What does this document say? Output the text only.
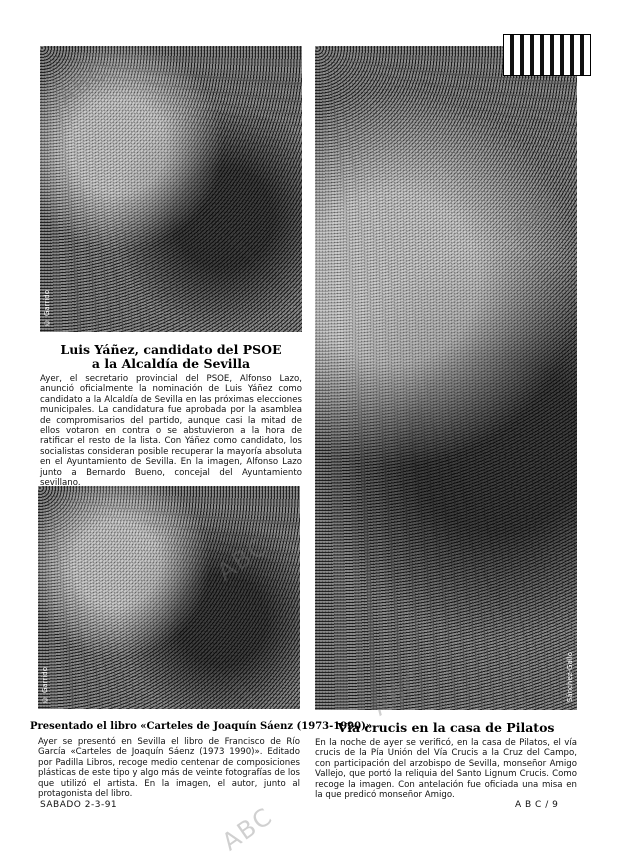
© Garrido
© Garrido	Sánchez-Gallo
Luis Yáñez, candidato del PSOE
a la Alcaldía de Sevilla

Ayer, el secretario provincial del PSOE, Alfonso Lazo, anunció oficialmente la nominación de Luis Yáñez como candidato a la Alcaldía de Sevilla en las próximas elecciones municipales. La candidatura fue aprobada por la asamblea de compromisarios del partido, aunque casi la mitad de ellos votaron en contra o se abstuvieron a la hora de ratificar el resto de la lista. Con Yáñez como candidato, los socialistas consideran posible recuperar la mayoría absoluta en el Ayuntamiento de Sevilla. En la imagen, Alfonso Lazo junto a Bernardo Bueno, concejal del Ayuntamiento sevillano.

Presentado el libro «Carteles de Joaquín Sáenz (1973-1990)»

Ayer se presentó en Sevilla el libro de Francisco de Río García «Carteles de Joaquín Sáenz (1973 1990)». Editado por Padilla Libros, recoge medio centenar de composiciones plásticas de este tipo y algo más de veinte fotografías de los que utilizó el artista. En la imagen, el autor, junto al protagonista del libro.

Vía crucis en la casa de Pilatos

En la noche de ayer se verificó, en la casa de Pilatos, el vía crucis de la Pía Unión del Vía Crucis a la Cruz del Campo, con participación del arzobispo de Sevilla, monseñor Amigo Vallejo, que portó la reliquia del Santo Lignum Crucis. Como recoge la imagen. Con antelación fue oficiada una misa en la que predicó monseñor Amigo.

SABADO 2-3-91	A B C / 9
ABC
ABC
ABC
ABC
ABC
